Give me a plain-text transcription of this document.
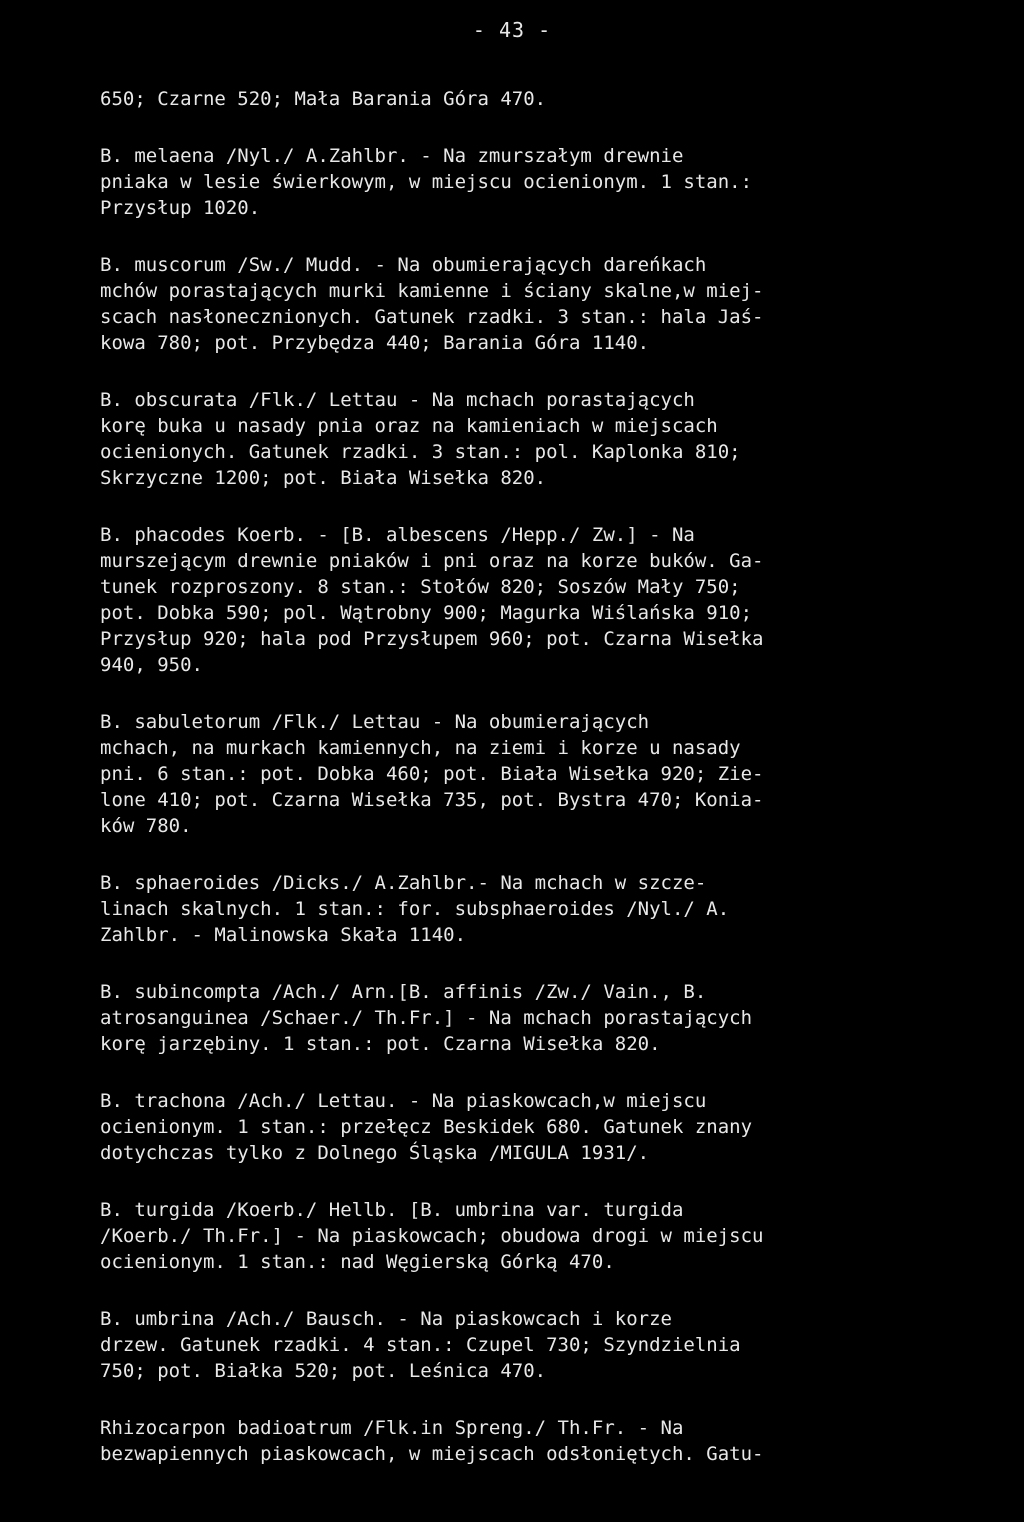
- 43 -
650; Czarne 520; Mała Barania Góra 470.
B. melaena /Nyl./ A.Zahlbr. - Na zmurszałym drewnie
pniaka w lesie świerkowym, w miejscu ocienionym. 1 stan.:
Przysłup 1020.
B. muscorum /Sw./ Mudd. - Na obumierających dareńkach
mchów porastających murki kamienne i ściany skalne,w miej-
scach nasłonecznionych. Gatunek rzadki. 3 stan.: hala Jaś-
kowa 780; pot. Przybędza 440; Barania Góra 1140.
B. obscurata /Flk./ Lettau - Na mchach porastających
korę buka u nasady pnia oraz na kamieniach w miejscach
ocienionych. Gatunek rzadki. 3 stan.: pol. Kaplonka 810;
Skrzyczne 1200; pot. Biała Wisełka 820.
B. phacodes Koerb. - [B. albescens /Hepp./ Zw.] - Na
murszejącym drewnie pniaków i pni oraz na korze buków. Ga-
tunek rozproszony. 8 stan.: Stołów 820; Soszów Mały 750;
pot. Dobka 590; pol. Wątrobny 900; Magurka Wiślańska 910;
Przysłup 920; hala pod Przysłupem 960; pot. Czarna Wisełka
940, 950.
B. sabuletorum /Flk./ Lettau - Na obumierających
mchach, na murkach kamiennych, na ziemi i korze u nasady
pni. 6 stan.: pot. Dobka 460; pot. Biała Wisełka 920; Zie-
lone 410; pot. Czarna Wisełka 735, pot. Bystra 470; Konia-
ków 780.
B. sphaeroides /Dicks./ A.Zahlbr.- Na mchach w szcze-
linach skalnych. 1 stan.: for. subsphaeroides /Nyl./ A.
Zahlbr. - Malinowska Skała 1140.
B. subincompta /Ach./ Arn.[B. affinis /Zw./ Vain., B.
atrosanguinea /Schaer./ Th.Fr.] - Na mchach porastających
korę jarzębiny. 1 stan.: pot. Czarna Wisełka 820.
B. trachona /Ach./ Lettau. - Na piaskowcach,w miejscu
ocienionym. 1 stan.: przełęcz Beskidek 680. Gatunek znany
dotychczas tylko z Dolnego Śląska /MIGULA 1931/.
B. turgida /Koerb./ Hellb. [B. umbrina var. turgida
/Koerb./ Th.Fr.] - Na piaskowcach; obudowa drogi w miejscu
ocienionym. 1 stan.: nad Węgierską Górką 470.
B. umbrina /Ach./ Bausch. - Na piaskowcach i korze
drzew. Gatunek rzadki. 4 stan.: Czupel 730; Szyndzielnia
750; pot. Białka 520; pot. Leśnica 470.
Rhizocarpon badioatrum /Flk.in Spreng./ Th.Fr. - Na
bezwapiennych piaskowcach, w miejscach odsłoniętych. Gatu-
